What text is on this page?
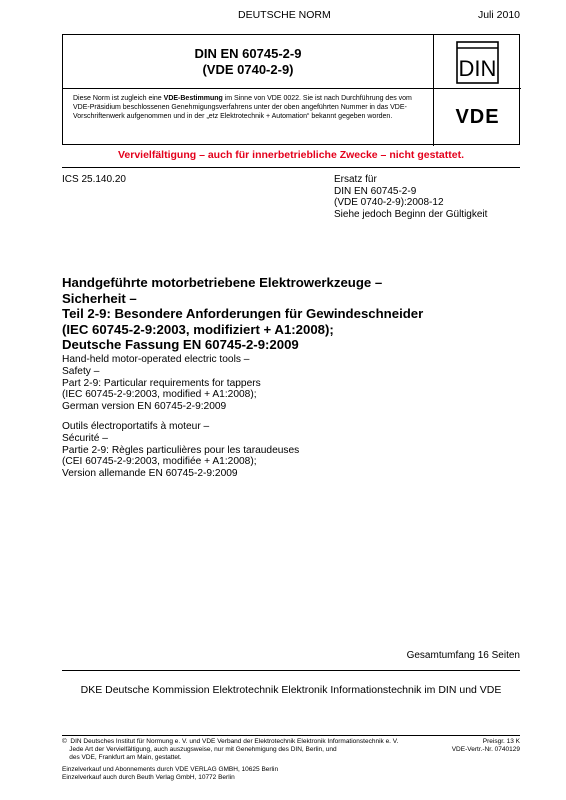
DEUTSCHE NORM	Juli 2010
DIN EN 60745-2-9
(VDE 0740-2-9)	DIN
Diese Norm ist zugleich eine VDE-Bestimmung im Sinne von VDE 0022. Sie ist nach Durchführung des vom VDE-Präsidium beschlossenen Genehmigungsverfahrens unter der oben angeführten Nummer in das VDE-Vorschriftenwerk aufgenommen und in der „etz Elektrotechnik + Automation“ bekannt gegeben worden.	VDE
Vervielfältigung – auch für innerbetriebliche Zwecke – nicht gestattet.
ICS 25.140.20	Ersatz für
DIN EN 60745-2-9
(VDE 0740-2-9):2008-12
Siehe jedoch Beginn der Gültigkeit
Handgeführte motorbetriebene Elektrowerkzeuge –
Sicherheit –
Teil 2-9: Besondere Anforderungen für Gewindeschneider
(IEC 60745-2-9:2003, modifiziert + A1:2008);
Deutsche Fassung EN 60745-2-9:2009
Hand-held motor-operated electric tools –
Safety –
Part 2-9: Particular requirements for tappers
(IEC 60745-2-9:2003, modified + A1:2008);
German version EN 60745-2-9:2009
Outils électroportatifs à moteur –
Sécurité –
Partie 2-9: Règles particulières pour les taraudeuses
(CEI 60745-2-9:2003, modifiée + A1:2008);
Version allemande EN 60745-2-9:2009
Gesamtumfang 16 Seiten
DKE Deutsche Kommission Elektrotechnik Elektronik Informationstechnik im DIN und VDE
©  DIN Deutsches Institut für Normung e. V. und VDE Verband der Elektrotechnik Elektronik Informationstechnik e. V.
Jede Art der Vervielfältigung, auch auszugsweise, nur mit Genehmigung des DIN, Berlin, und
des VDE, Frankfurt am Main, gestattet.
Preisgr. 13 K
VDE-Vertr.-Nr. 0740129
Einzelverkauf und Abonnements durch VDE VERLAG GMBH, 10625 Berlin
Einzelverkauf auch durch Beuth Verlag GmbH, 10772 Berlin
